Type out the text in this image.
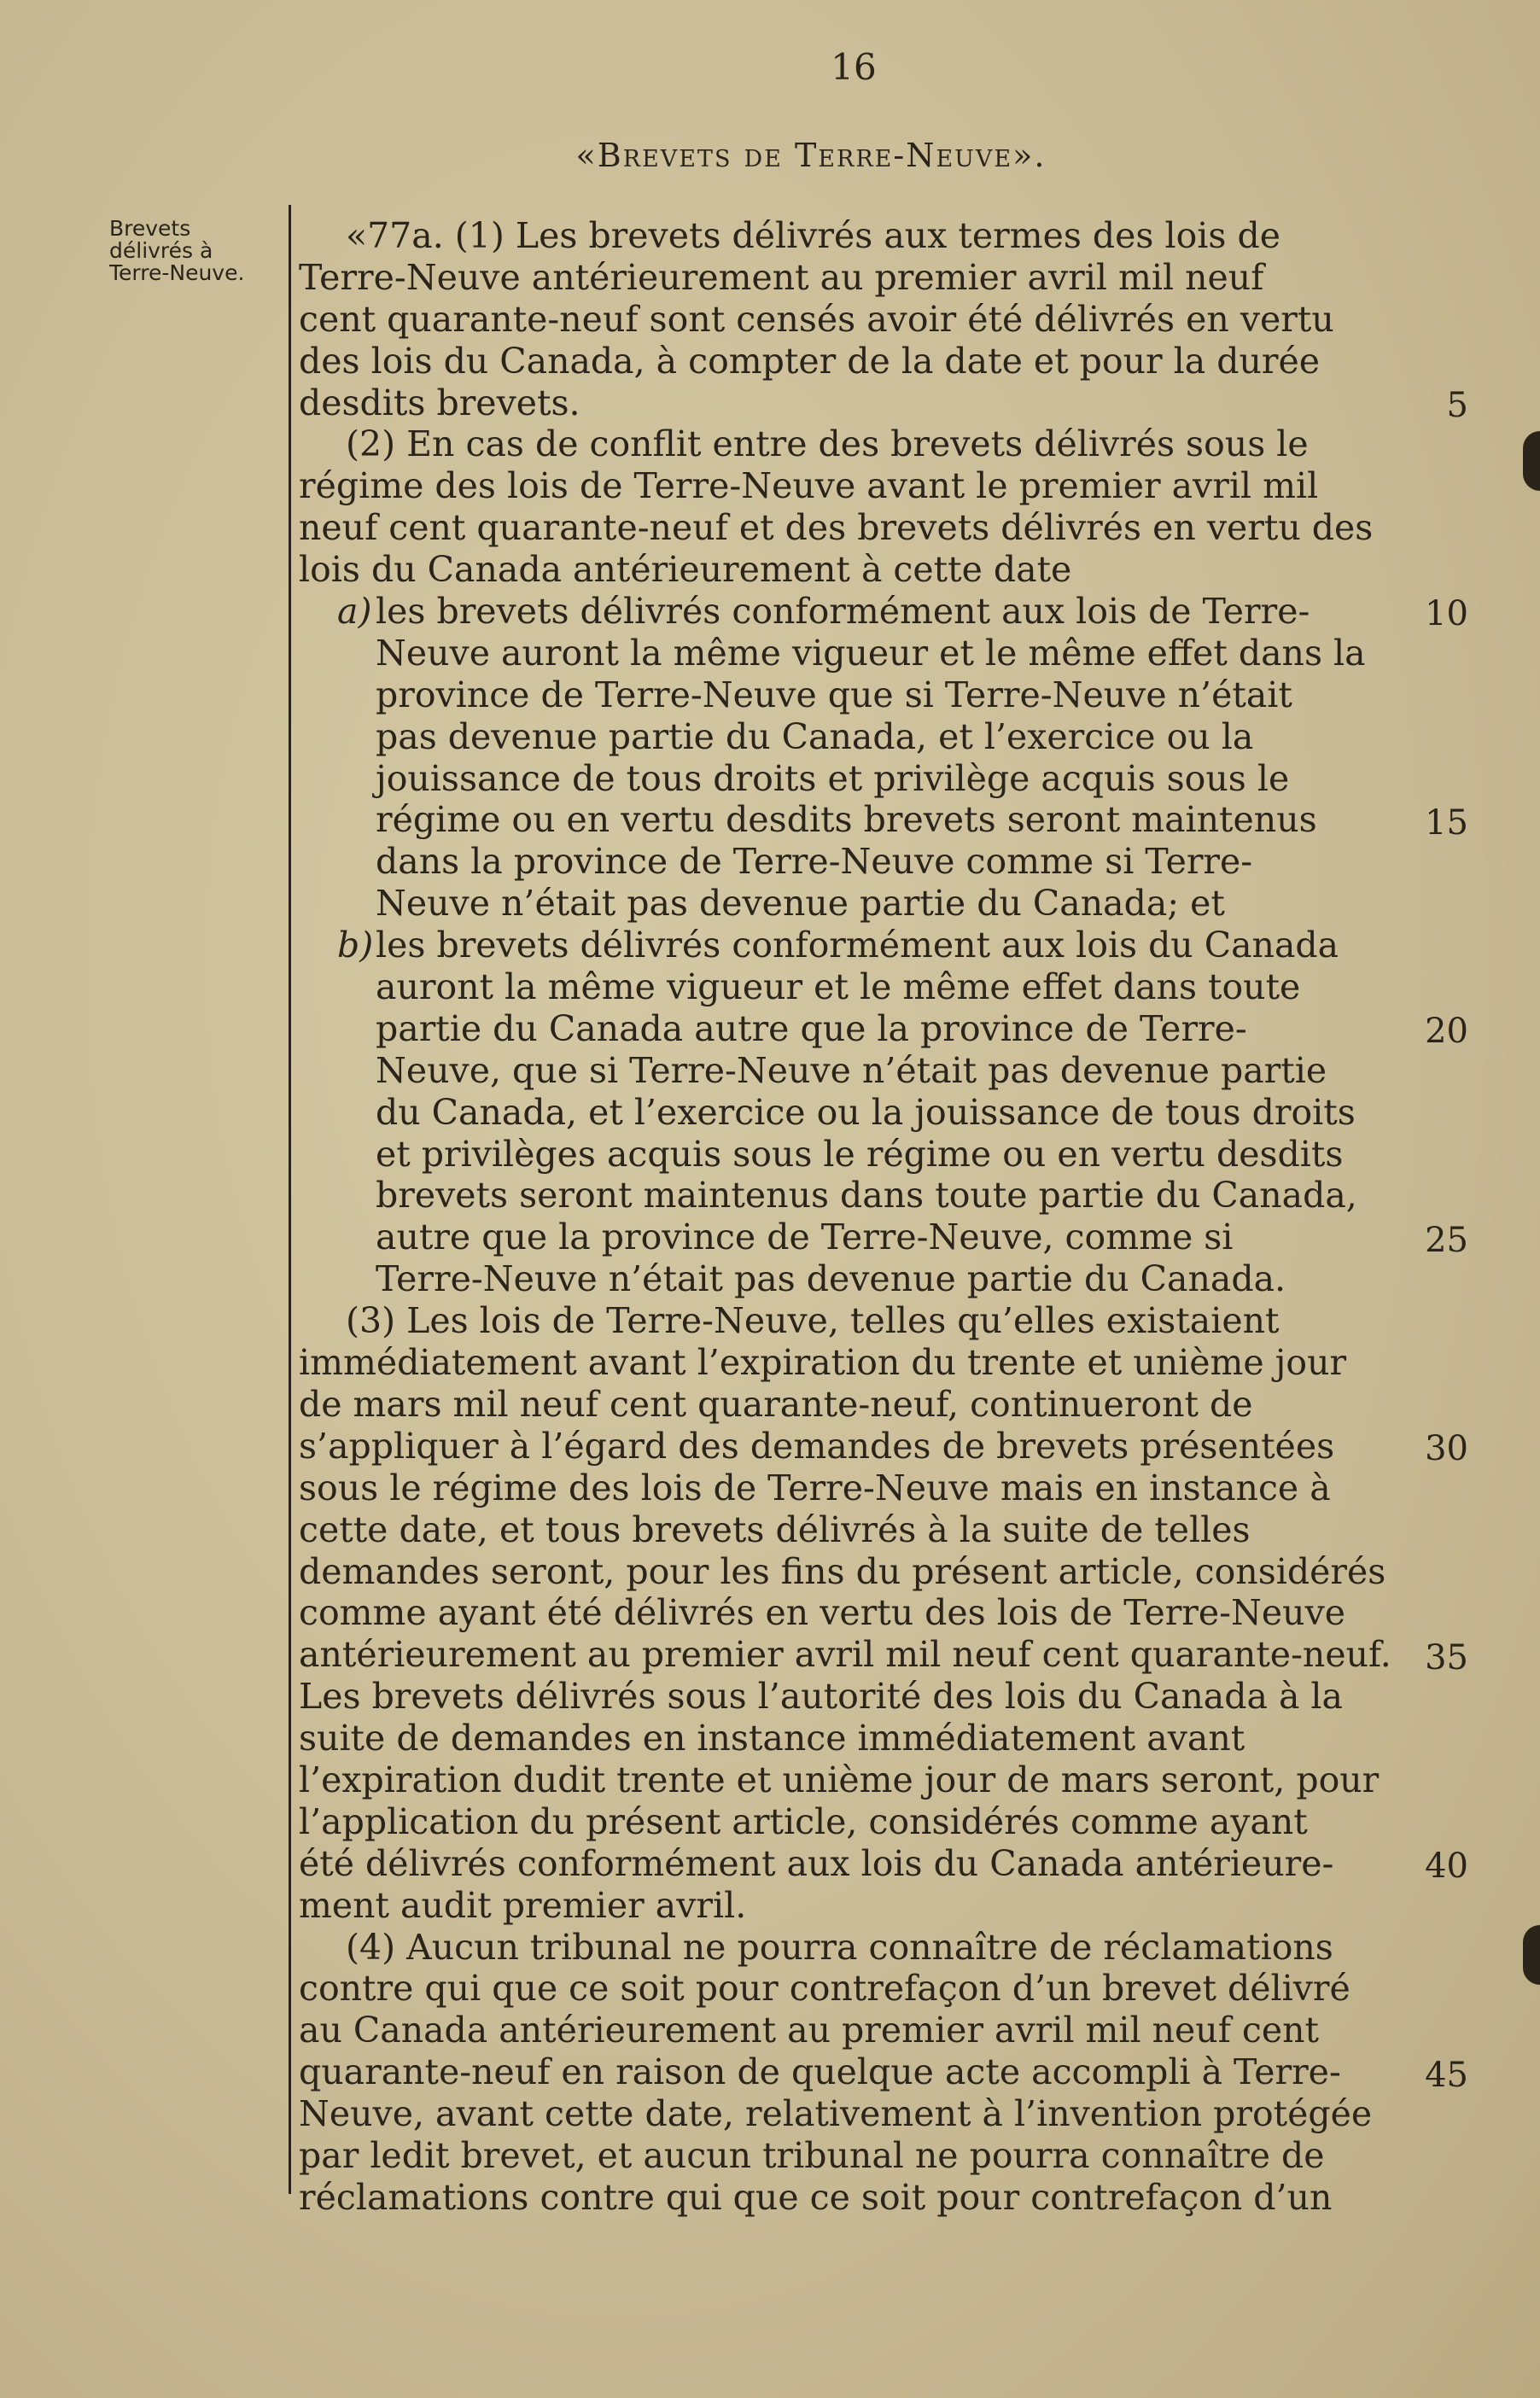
16
«Brevets de Terre-Neuve».
Brevets
délivrés à
Terre-Neuve.
«77a. (1) Les brevets délivrés aux termes des lois de
Terre-Neuve antérieurement au premier avril mil neuf
cent quarante-neuf sont censés avoir été délivrés en vertu
des lois du Canada, à compter de la date et pour la durée
desdits brevets.
(2) En cas de conflit entre des brevets délivrés sous le
régime des lois de Terre-Neuve avant le premier avril mil
neuf cent quarante-neuf et des brevets délivrés en vertu des
lois du Canada antérieurement à cette date
a) les brevets délivrés conformément aux lois de Terre-
Neuve auront la même vigueur et le même effet dans la
province de Terre-Neuve que si Terre-Neuve n’était
pas devenue partie du Canada, et l’exercice ou la
jouissance de tous droits et privilège acquis sous le
régime ou en vertu desdits brevets seront maintenus
dans la province de Terre-Neuve comme si Terre-
Neuve n’était pas devenue partie du Canada; et
b) les brevets délivrés conformément aux lois du Canada
auront la même vigueur et le même effet dans toute
partie du Canada autre que la province de Terre-
Neuve, que si Terre-Neuve n’était pas devenue partie
du Canada, et l’exercice ou la jouissance de tous droits
et privilèges acquis sous le régime ou en vertu desdits
brevets seront maintenus dans toute partie du Canada,
autre que la province de Terre-Neuve, comme si
Terre-Neuve n’était pas devenue partie du Canada.
(3) Les lois de Terre-Neuve, telles qu’elles existaient
immédiatement avant l’expiration du trente et unième jour
de mars mil neuf cent quarante-neuf, continueront de
s’appliquer à l’égard des demandes de brevets présentées
sous le régime des lois de Terre-Neuve mais en instance à
cette date, et tous brevets délivrés à la suite de telles
demandes seront, pour les fins du présent article, considérés
comme ayant été délivrés en vertu des lois de Terre-Neuve
antérieurement au premier avril mil neuf cent quarante-neuf.
Les brevets délivrés sous l’autorité des lois du Canada à la
suite de demandes en instance immédiatement avant
l’expiration dudit trente et unième jour de mars seront, pour
l’application du présent article, considérés comme ayant
été délivrés conformément aux lois du Canada antérieure-
ment audit premier avril.
(4) Aucun tribunal ne pourra connaître de réclamations
contre qui que ce soit pour contrefaçon d’un brevet délivré
au Canada antérieurement au premier avril mil neuf cent
quarante-neuf en raison de quelque acte accompli à Terre-
Neuve, avant cette date, relativement à l’invention protégée
par ledit brevet, et aucun tribunal ne pourra connaître de
réclamations contre qui que ce soit pour contrefaçon d’un
5
10
15
20
25
30
35
40
45
